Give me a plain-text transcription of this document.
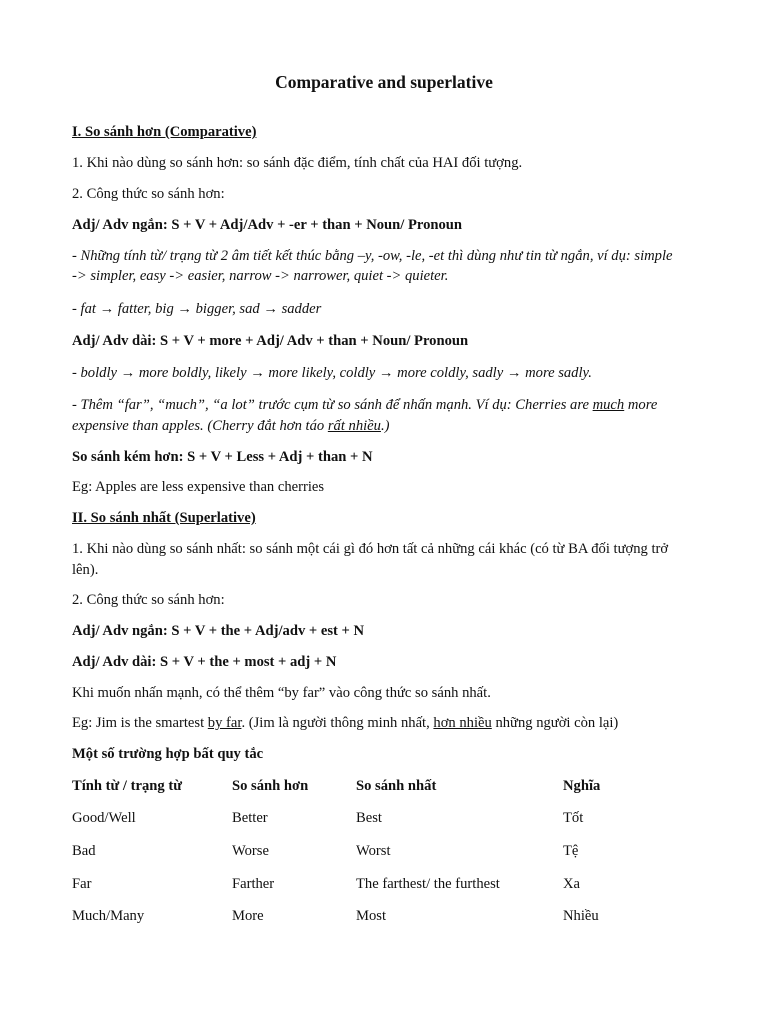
Comparative and superlative
I. So sánh hơn (Comparative)
1. Khi nào dùng so sánh hơn: so sánh đặc điểm, tính chất của HAI đối tượng.
2. Công thức so sánh hơn:
Adj/ Adv ngắn: S + V + Adj/Adv + -er + than + Noun/ Pronoun
- Những tính từ/ trạng từ 2 âm tiết kết thúc bằng –y, -ow, -le, -et thì dùng như tin từ ngắn, ví dụ: simple
-> simpler, easy -> easier, narrow -> narrower, quiet -> quieter.
- fat → fatter, big → bigger, sad → sadder
Adj/ Adv dài: S + V + more + Adj/ Adv + than + Noun/ Pronoun
- boldly → more boldly, likely → more likely, coldly → more coldly, sadly → more sadly.
- Thêm “far”, “much”, “a lot” trước cụm từ so sánh để nhấn mạnh. Ví dụ: Cherries are much more
expensive than apples. (Cherry đắt hơn táo rất nhiều.)
So sánh kém hơn: S + V + Less + Adj + than + N
Eg: Apples are less expensive than cherries
II. So sánh nhất (Superlative)
1. Khi nào dùng so sánh nhất: so sánh một cái gì đó hơn tất cả những cái khác (có từ BA đối tượng trở
lên).
2. Công thức so sánh hơn:
Adj/ Adv ngắn: S + V + the + Adj/adv + est + N
Adj/ Adv dài: S + V + the + most + adj + N
Khi muốn nhấn mạnh, có thể thêm “by far” vào công thức so sánh nhất.
Eg: Jim is the smartest by far. (Jim là người thông minh nhất, hơn nhiều những người còn lại)
Một số trường hợp bất quy tắc
Tính từ / trạng từ	So sánh hơn	So sánh nhất	Nghĩa
Good/Well	Better	Best	Tốt
Bad	Worse	Worst	Tệ
Far	Farther	The farthest/ the furthest	Xa
Much/Many	More	Most	Nhiều
